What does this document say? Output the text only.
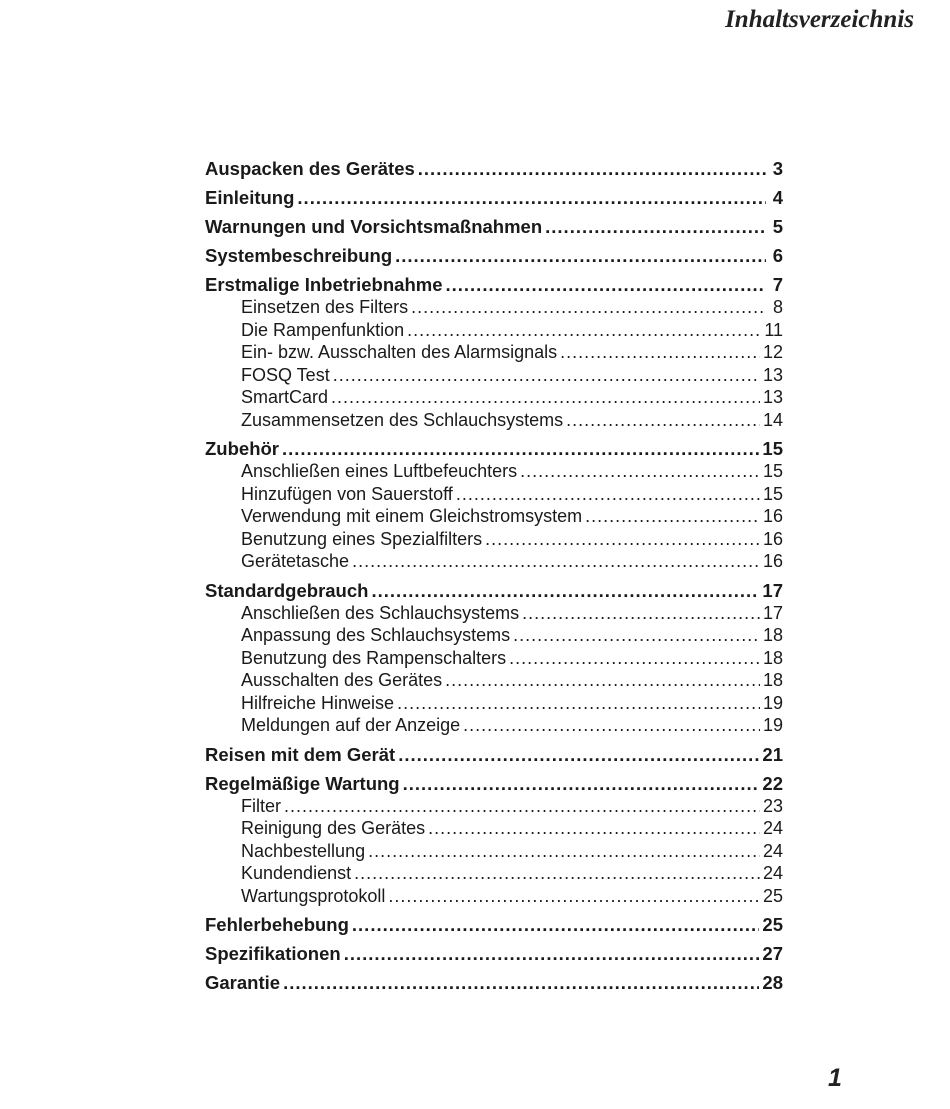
Inhaltsverzeichnis
Auspacken des Gerätes .....	3
Einleitung .....	4
Warnungen und Vorsichtsmaßnahmen .....	5
Systembeschreibung .....	6
Erstmalige Inbetriebnahme .....	7
Einsetzen des Filters .....	8
Die Rampenfunktion .....	11
Ein- bzw. Ausschalten des Alarmsignals .....	12
FOSQ Test .....	13
SmartCard .....	13
Zusammensetzen des Schlauchsystems .....	14
Zubehör .....	15
Anschließen eines Luftbefeuchters .....	15
Hinzufügen von Sauerstoff .....	15
Verwendung mit einem Gleichstromsystem .....	16
Benutzung eines Spezialfilters .....	16
Gerätetasche .....	16
Standardgebrauch .....	17
Anschließen des Schlauchsystems .....	17
Anpassung des Schlauchsystems .....	18
Benutzung des Rampenschalters .....	18
Ausschalten des Gerätes .....	18
Hilfreiche Hinweise .....	19
Meldungen auf der Anzeige .....	19
Reisen mit dem Gerät .....	21
Regelmäßige Wartung .....	22
Filter .....	23
Reinigung des Gerätes .....	24
Nachbestellung .....	24
Kundendienst .....	24
Wartungsprotokoll .....	25
Fehlerbehebung .....	25
Spezifikationen .....	27
Garantie .....	28
1
